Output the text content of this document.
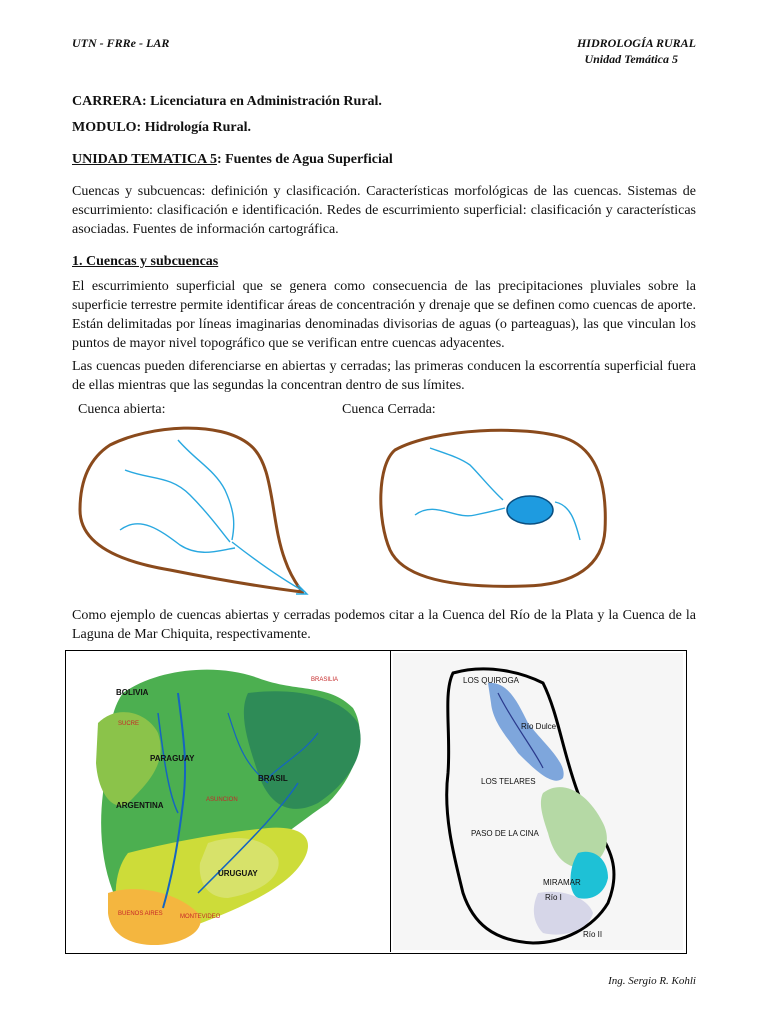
UTN - FRRe - LAR	HIDROLOGÍA RURAL
Unidad Temática 5
CARRERA: Licenciatura en Administración Rural.
MODULO: Hidrología Rural.
UNIDAD TEMATICA 5: Fuentes de Agua Superficial
Cuencas y subcuencas: definición y clasificación. Características morfológicas de las cuencas. Sistemas de escurrimiento: clasificación e identificación. Redes de escurrimiento superficial: clasificación y características asociadas. Fuentes de información cartográfica.
1. Cuencas y subcuencas
El escurrimiento superficial que se genera como consecuencia de las precipitaciones pluviales sobre la superficie terrestre permite identificar áreas de concentración y drenaje que se definen como cuencas de aporte. Están delimitadas por líneas imaginarias denominadas divisorias de aguas (o parteaguas), las que vinculan los puntos de mayor nivel topográfico que se verifican entre cuencas adyacentes.
Las cuencas pueden diferenciarse en abiertas y cerradas; las primeras conducen la escorrentía superficial fuera de ellas mientras que las segundas la concentran dentro de sus límites.
Cuenca abierta:	Cuenca Cerrada:
Como ejemplo de cuencas abiertas y cerradas podemos citar a la Cuenca del Río de la Plata y la Cuenca de la Laguna de Mar Chiquita, respectivamente.
BOLIVIA
SUCRE
PARAGUAY
ARGENTINA
BRASIL
URUGUAY
BUENOS AIRES	MONTEVIDEO
BRASILIA
ASUNCION
LOS QUIROGA
Río Dulce
LOS TELARES
PASO DE LA CINA
MIRAMAR
Río I
Río II
Ing. Sergio R. Kohli
